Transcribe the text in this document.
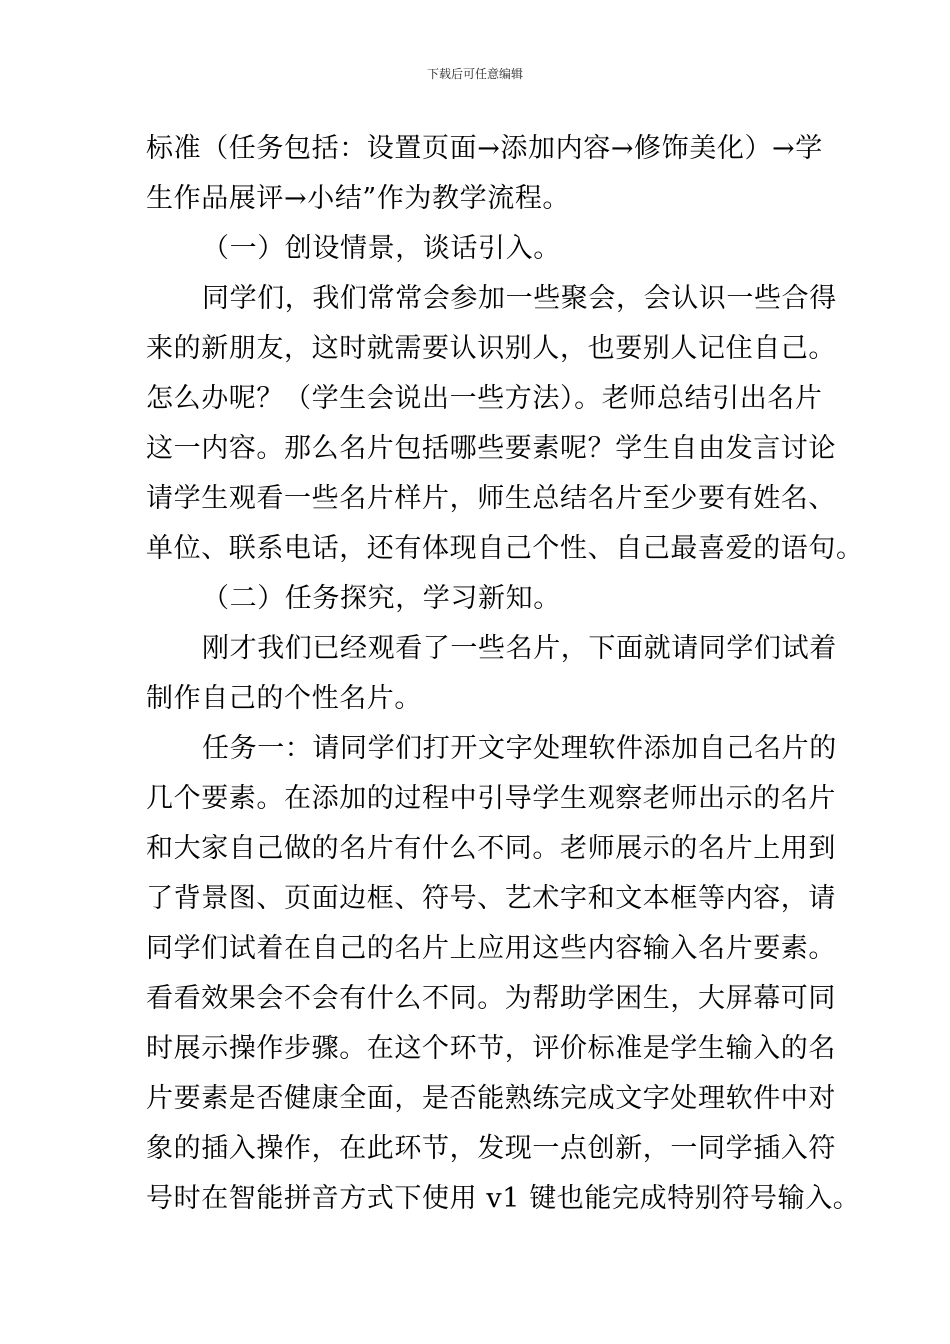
下载后可任意编辑
标准（任务包括：设置页面→添加内容→修饰美化）→学
生作品展评→小结”作为教学流程。
（一）创设情景，谈话引入。
同学们，我们常常会参加一些聚会，会认识一些合得
来的新朋友，这时就需要认识别人，也要别人记住自己。
怎么办呢？（学生会说出一些方法）。老师总结引出名片
这一内容。那么名片包括哪些要素呢？学生自由发言讨论
请学生观看一些名片样片，师生总结名片至少要有姓名、
单位、联系电话，还有体现自己个性、自己最喜爱的语句。
（二）任务探究，学习新知。
刚才我们已经观看了一些名片，下面就请同学们试着
制作自己的个性名片。
任务一：请同学们打开文字处理软件添加自己名片的
几个要素。在添加的过程中引导学生观察老师出示的名片
和大家自己做的名片有什么不同。老师展示的名片上用到
了背景图、页面边框、符号、艺术字和文本框等内容，请
同学们试着在自己的名片上应用这些内容输入名片要素。
看看效果会不会有什么不同。为帮助学困生，大屏幕可同
时展示操作步骤。在这个环节，评价标准是学生输入的名
片要素是否健康全面，是否能熟练完成文字处理软件中对
象的插入操作，在此环节，发现一点创新，一同学插入符
号时在智能拼音方式下使用 v1 键也能完成特别符号输入。
